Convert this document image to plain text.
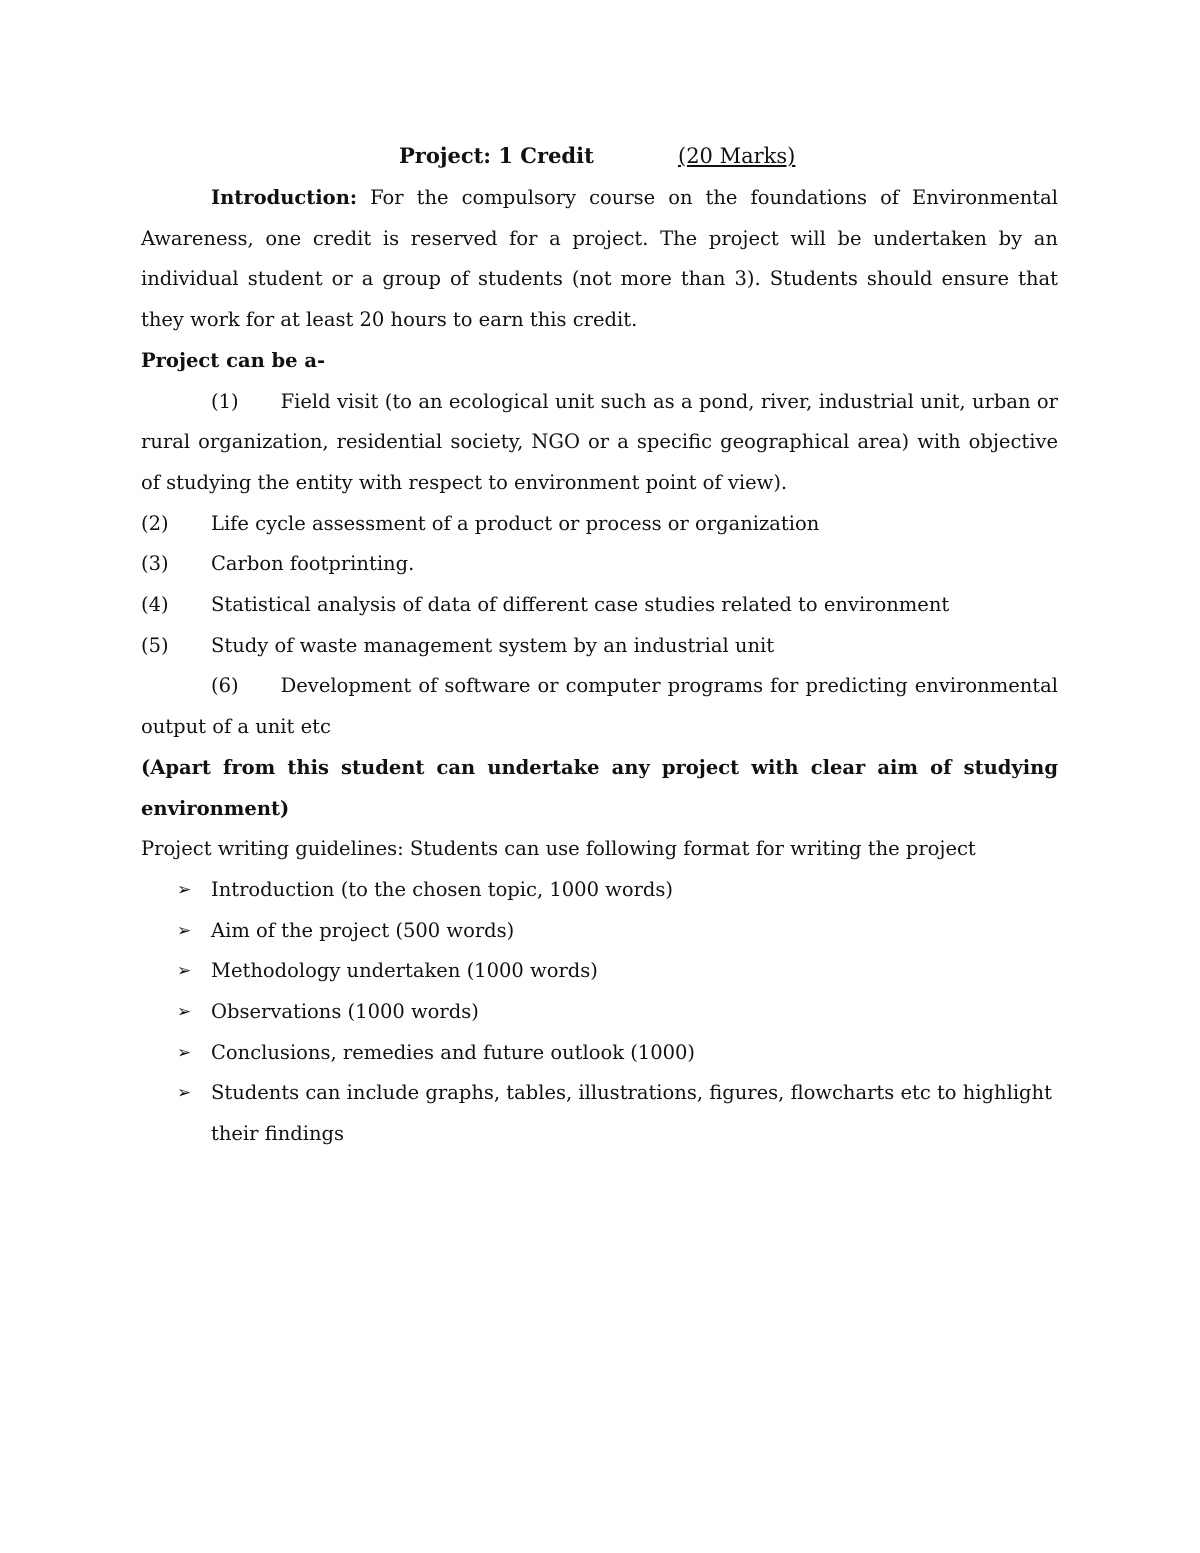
Project: 1 Credit	(20 Marks)

Introduction: For the compulsory course on the foundations of Environmental Awareness, one credit is reserved for a project. The project will be undertaken by an individual student or a group of students (not more than 3). Students should ensure that they work for at least 20 hours to earn this credit.

Project can be a-

(1) Field visit (to an ecological unit such as a pond, river, industrial unit, urban or rural organization, residential society, NGO or a specific geographical area) with objective of studying the entity with respect to environment point of view).
(2) Life cycle assessment of a product or process or organization
(3) Carbon footprinting.
(4) Statistical analysis of data of different case studies related to environment
(5) Study of waste management system by an industrial unit
(6) Development of software or computer programs for predicting environmental output of a unit etc

(Apart from this student can undertake any project with clear aim of studying

environment)

Project writing guidelines: Students can use following format for writing the project

➢ Introduction (to the chosen topic, 1000 words)
➢ Aim of the project (500 words)
➢ Methodology undertaken (1000 words)
➢ Observations (1000 words)
➢ Conclusions, remedies and future outlook (1000)
➢ Students can include graphs, tables, illustrations, figures, flowcharts etc to highlight their findings
